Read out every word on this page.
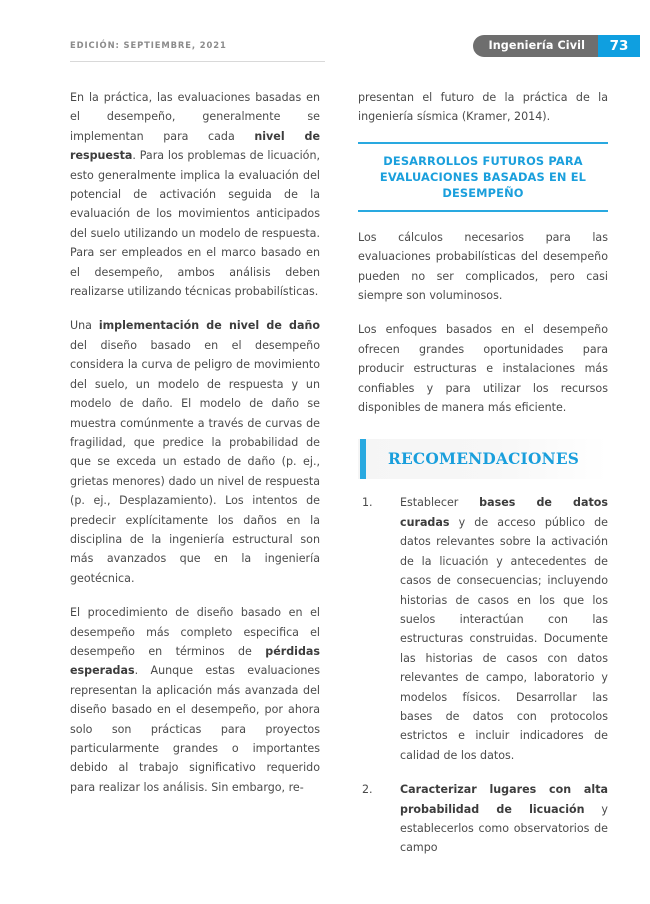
EDICIÓN: SEPTIEMBRE, 2021	Ingeniería Civil	73

En la práctica, las evaluaciones basadas en el desempeño, generalmente se implementan para cada nivel de respuesta. Para los problemas de licuación, esto generalmente implica la evaluación del potencial de activación seguida de la evaluación de los movimientos anticipados del suelo utilizando un modelo de respuesta. Para ser empleados en el marco basado en el desempeño, ambos análisis deben realizarse utilizando técnicas probabilísticas.

Una implementación de nivel de daño del diseño basado en el desempeño considera la curva de peligro de movimiento del suelo, un modelo de respuesta y un modelo de daño. El modelo de daño se muestra comúnmente a través de curvas de fragilidad, que predice la probabilidad de que se exceda un estado de daño (p. ej., grietas menores) dado un nivel de respuesta (p. ej., Desplazamiento). Los intentos de predecir explícitamente los daños en la disciplina de la ingeniería estructural son más avanzados que en la ingeniería geotécnica.

El procedimiento de diseño basado en el desempeño más completo especifica el desempeño en términos de pérdidas esperadas. Aunque estas evaluaciones representan la aplicación más avanzada del diseño basado en el desempeño, por ahora solo son prácticas para proyectos particularmente grandes o importantes debido al trabajo significativo requerido para realizar los análisis. Sin embargo, re-

presentan el futuro de la práctica de la ingeniería sísmica (Kramer, 2014).

DESARROLLOS FUTUROS PARA EVALUACIONES BASADAS EN EL DESEMPEÑO

Los cálculos necesarios para las evaluaciones probabilísticas del desempeño pueden no ser complicados, pero casi siempre son voluminosos.

Los enfoques basados en el desempeño ofrecen grandes oportunidades para producir estructuras e instalaciones más confiables y para utilizar los recursos disponibles de manera más eficiente.

RECOMENDACIONES
1. Establecer bases de datos curadas y de acceso público de datos relevantes sobre la activación de la licuación y antecedentes de casos de consecuencias; incluyendo historias de casos en los que los suelos interactúan con las estructuras construidas. Documente las historias de casos con datos relevantes de campo, laboratorio y modelos físicos. Desarrollar las bases de datos con protocolos estrictos e incluir indicadores de calidad de los datos.
2. Caracterizar lugares con alta probabilidad de licuación y establecerlos como observatorios de campo
